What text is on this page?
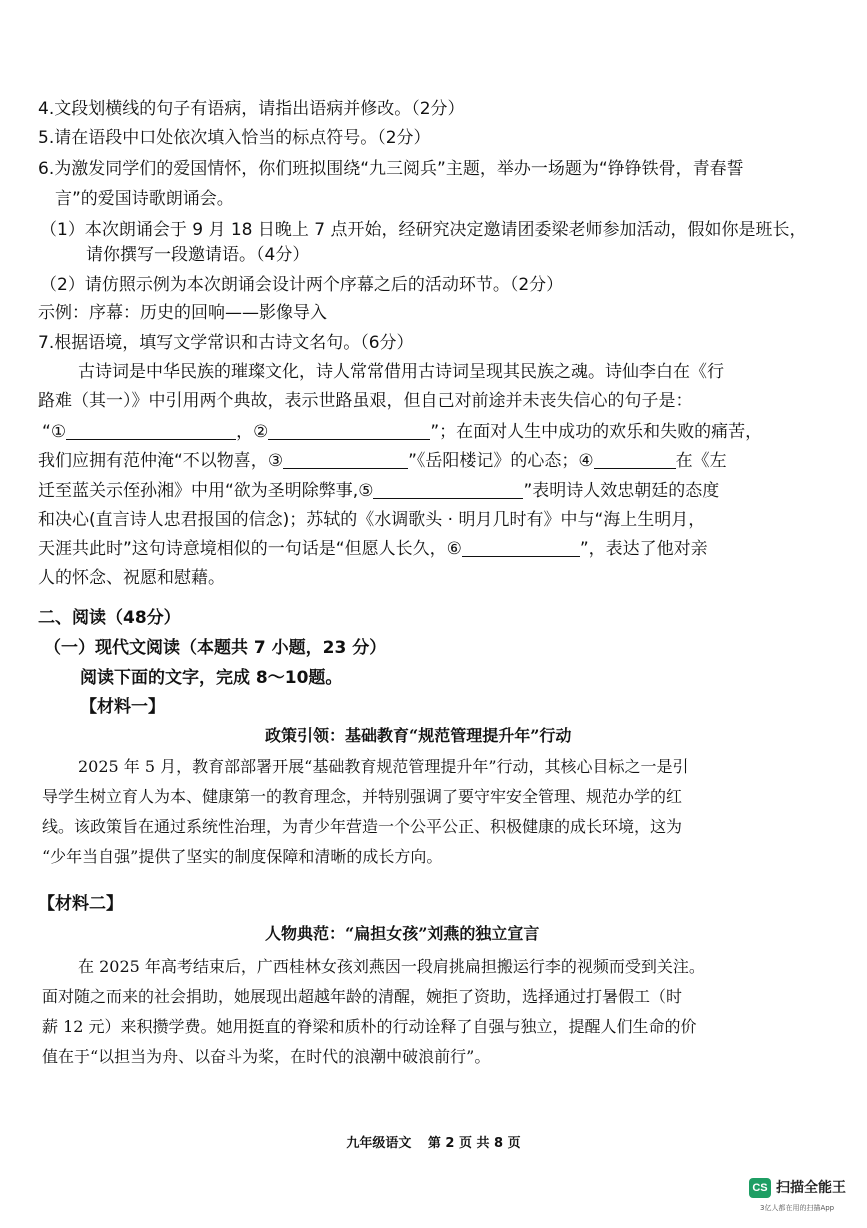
4.文段划横线的句子有语病，请指出语病并修改。（2分）
5.请在语段中口处依次填入恰当的标点符号。（2分）
6.为激发同学们的爱国情怀，你们班拟围绕“九三阅兵”主题，举办一场题为“铮铮铁骨，青春誓
言”的爱国诗歌朗诵会。
（1）本次朗诵会于 9 月 18 日晚上 7 点开始，经研究决定邀请团委梁老师参加活动，假如你是班长，
请你撰写一段邀请语。（4分）
（2）请仿照示例为本次朗诵会设计两个序幕之后的活动环节。（2分）
示例：序幕：历史的回响——影像导入
7.根据语境，填写文学常识和古诗文名句。（6分）
古诗词是中华民族的璀璨文化，诗人常常借用古诗词呈现其民族之魂。诗仙李白在《行
路难（其一）》中引用两个典故，表示世路虽艰，但自己对前途并未丧失信心的句子是：
“①	，②	”；在面对人生中成功的欢乐和失败的痛苦，
我们应拥有范仲淹“不以物喜，③	”《岳阳楼记》的心态；④	在《左
迁至蓝关示侄孙湘》中用“欲为圣明除弊事,⑤	”表明诗人效忠朝廷的态度
和决心(直言诗人忠君报国的信念)；苏轼的《水调歌头 · 明月几时有》中与“海上生明月，
天涯共此时”这句诗意境相似的一句话是“但愿人长久，⑥	”，表达了他对亲
人的怀念、祝愿和慰藉。
二、阅读（48分）
（一）现代文阅读（本题共 7 小题，23 分）
阅读下面的文字，完成 8～10题。
【材料一】
政策引领：基础教育“规范管理提升年”行动
2025 年 5 月，教育部部署开展“基础教育规范管理提升年”行动，其核心目标之一是引
导学生树立育人为本、健康第一的教育理念，并特别强调了要守牢安全管理、规范办学的红
线。该政策旨在通过系统性治理，为青少年营造一个公平公正、积极健康的成长环境，这为
“少年当自强”提供了坚实的制度保障和清晰的成长方向。
【材料二】
人物典范：“扁担女孩”刘燕的独立宣言
在 2025 年高考结束后，广西桂林女孩刘燕因一段肩挑扁担搬运行李的视频而受到关注。
面对随之而来的社会捐助，她展现出超越年龄的清醒，婉拒了资助，选择通过打暑假工（时
薪 12 元）来积攒学费。她用挺直的脊梁和质朴的行动诠释了自强与独立，提醒人们生命的价
值在于“以担当为舟、以奋斗为桨，在时代的浪潮中破浪前行”。
九年级语文 第 2 页 共 8 页
CS 扫描全能王
3亿人都在用的扫描App
